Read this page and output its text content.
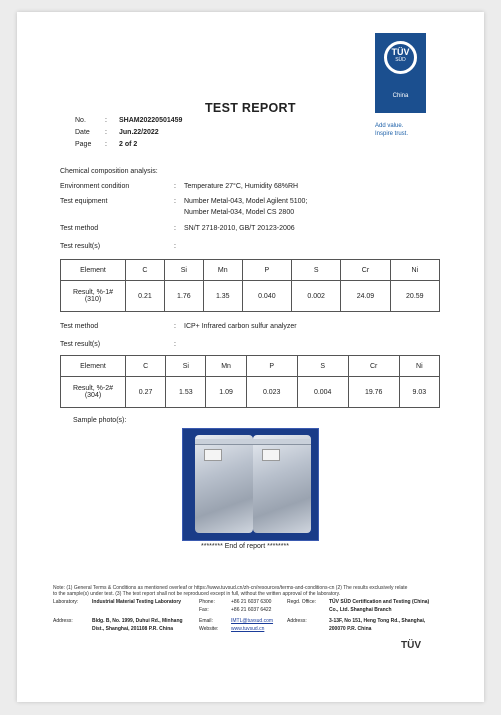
TÜV
SÜD
China
Add value.
Inspire trust.
TEST REPORT
No.	: SHAM20220501459
Date : Jun.22/2022
Page : 2 of 2
Chemical composition analysis:
Environment condition	: Temperature 27°C, Humidity 68%RH
Test equipment	: Number Metal-043, Model Agilent 5100;
Number Metal-034, Model CS 2800
Test method	: SN/T 2718-2010, GB/T 20123-2006
Test result(s)	:
Element	C	Si	Mn	P	S	Cr	Ni

Result, %-1#
(310)	0.21	1.76	1.35	0.040	0.002	24.09	20.59
Test method	: ICP+ Infrared carbon sulfur analyzer
Test result(s)	:
Element	C	Si	Mn	P	S	Cr	Ni

Result, %-2#
(304)	0.27	1.53	1.09	0.023	0.004	19.76	9.03
Sample photo(s):
******** End of report ********
Note: (1) General Terms & Conditions as mentioned overleaf or https://www.tuvsud.cn/zh-cn/resources/terms-and-conditions-cn (2) The results exclusively relate
to the sample(s) under test. (3) The test report shall not be reproduced except in full, without the written approval of the laboratory.
Laboratory:	Industrial Material Testing Laboratory	Phone:	+86 21 6037 6300
Fax:	+86 21 6037 6422
Regd. Office:	TÜV SÜD Certification and Testing (China)
Co., Ltd. Shanghai Branch
Address:	Bldg. B, No. 1999, Duhui Rd., Minhang
Dist., Shanghai, 201108 P.R. China
Email:	IMTL@tuvsud.com
Website:	www.tuvsud.cn
Address:	3-13F, No 151, Heng Tong Rd., Shanghai,
200070 P.R. China
TÜV
